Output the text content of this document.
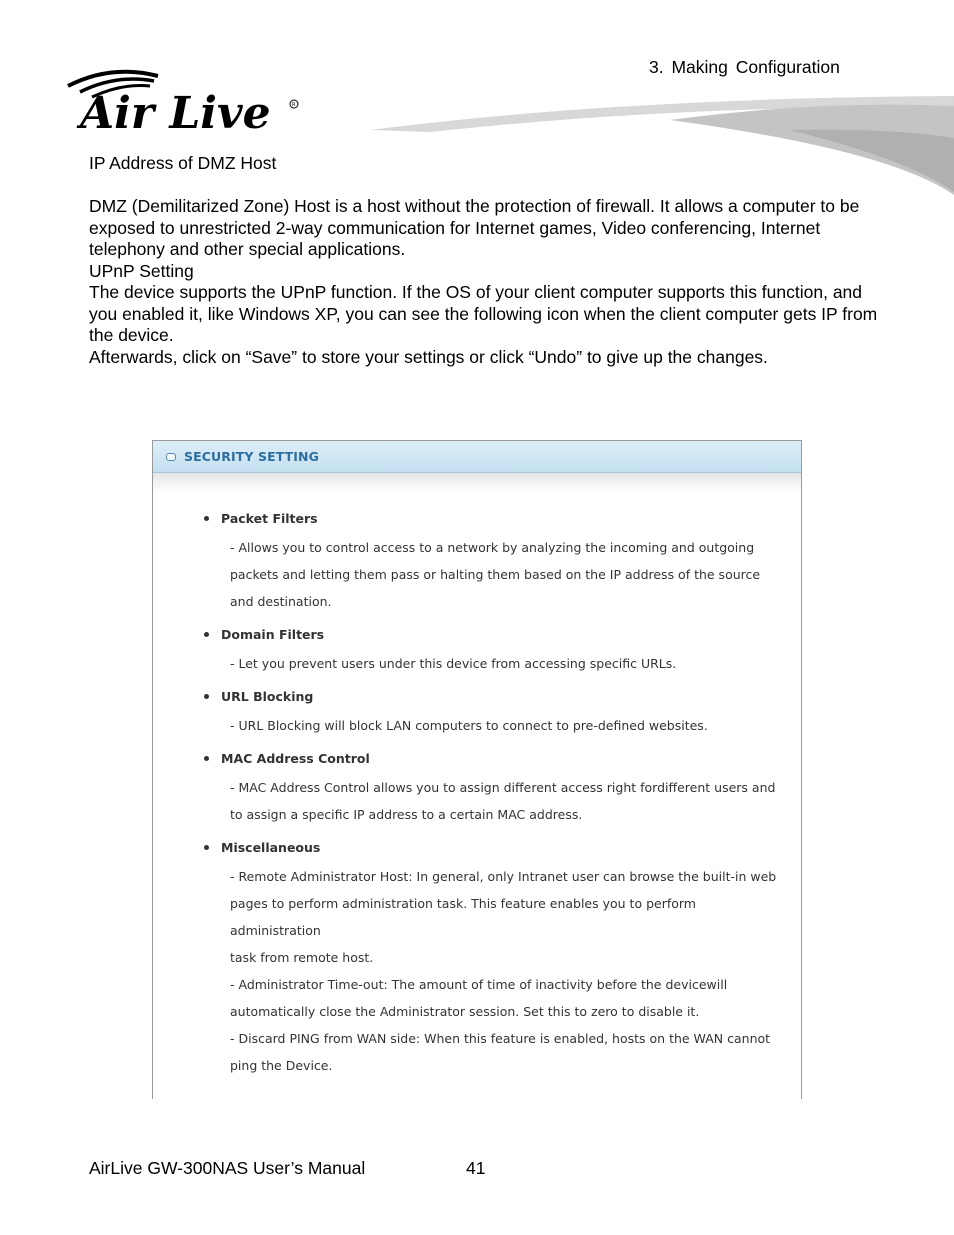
3. Making Configuration
Air Live	R

IP Address of DMZ Host

DMZ (Demilitarized Zone) Host is a host without the protection of firewall. It allows a computer to be exposed to unrestricted 2-way communication for Internet games, Video conferencing, Internet telephony and other special applications.

UPnP Setting

The device supports the UPnP function. If the OS of your client computer supports this function, and you enabled it, like Windows XP, you can see the following icon when the client computer gets IP from the device.

Afterwards, click on “Save” to store your settings or click “Undo” to give up the changes.

SECURITY SETTING
Packet Filters

- Allows you to control access to a network by analyzing the incoming and outgoing

packets and letting them pass or halting them based on the IP address of the source

and destination.

Domain Filters

- Let you prevent users under this device from accessing specific URLs.

URL Blocking

- URL Blocking will block LAN computers to connect to pre-defined websites.

MAC Address Control

- MAC Address Control allows you to assign different access right fordifferent users and

to assign a specific IP address to a certain MAC address.

Miscellaneous

- Remote Administrator Host: In general, only Intranet user can browse the built-in web

pages to perform administration task. This feature enables you to perform administration

task from remote host.

- Administrator Time-out: The amount of time of inactivity before the devicewill

automatically close the Administrator session. Set this to zero to disable it.

- Discard PING from WAN side: When this feature is enabled, hosts on the WAN cannot

ping the Device.

AirLive GW-300NAS User’s Manual	41
